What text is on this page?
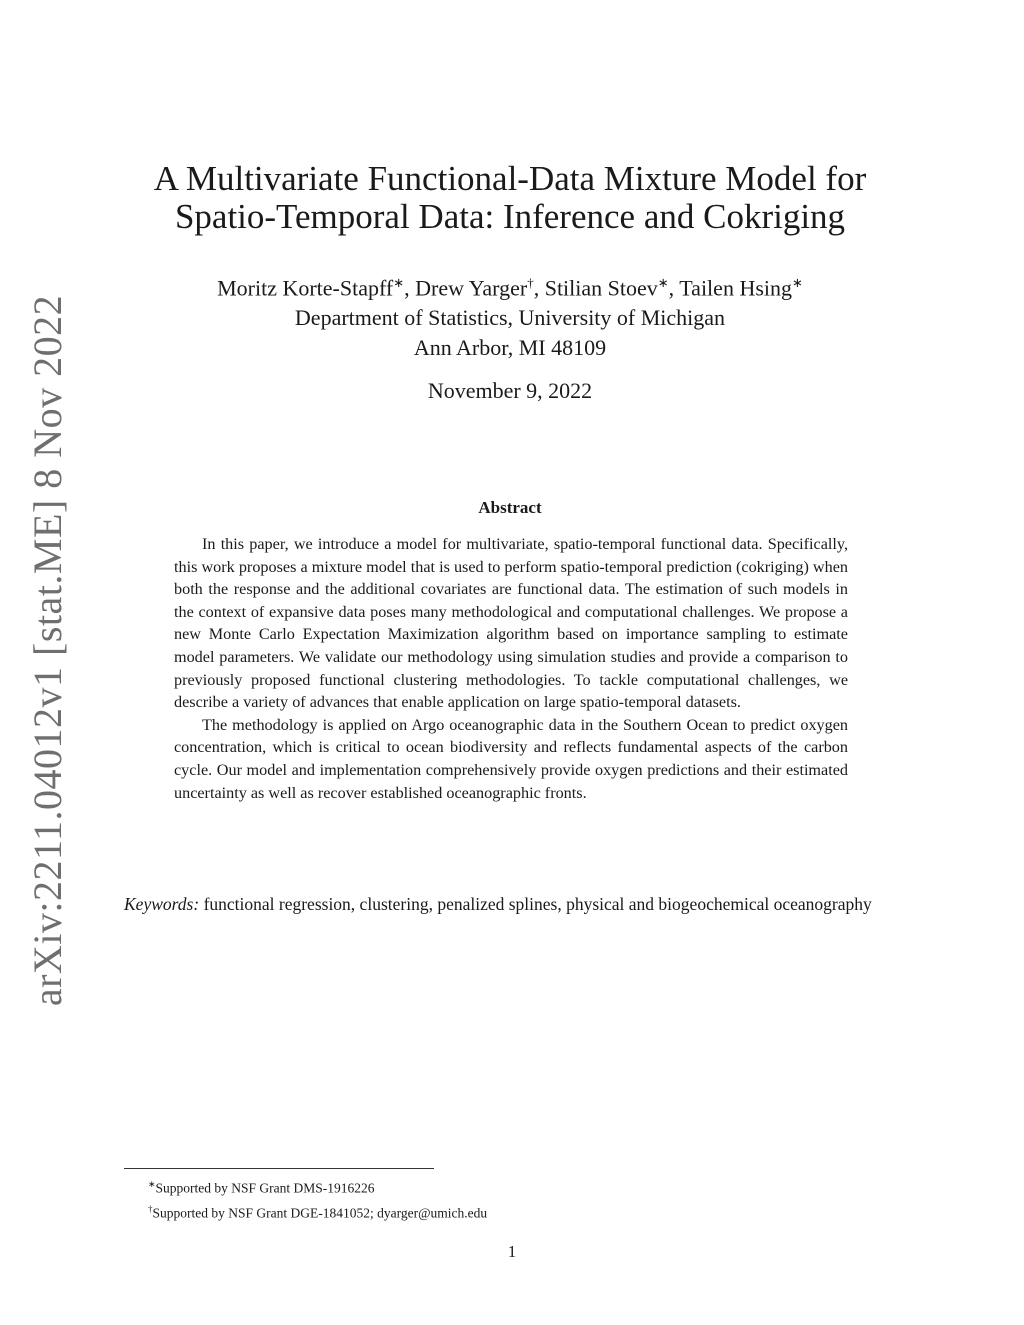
arXiv:2211.04012v1 [stat.ME] 8 Nov 2022
A Multivariate Functional-Data Mixture Model for
Spatio-Temporal Data: Inference and Cokriging
Moritz Korte-Stapff∗, Drew Yarger†, Stilian Stoev∗, Tailen Hsing∗
Department of Statistics, University of Michigan
Ann Arbor, MI 48109
November 9, 2022
Abstract

In this paper, we introduce a model for multivariate, spatio-temporal functional data. Specifically, this work proposes a mixture model that is used to perform spatio-temporal prediction (cokriging) when both the response and the additional covariates are functional data. The estimation of such models in the context of expansive data poses many methodological and computational challenges. We propose a new Monte Carlo Expectation Maximization algorithm based on importance sampling to estimate model parameters. We validate our methodology using simulation studies and provide a comparison to previously proposed functional clustering methodologies. To tackle computational challenges, we describe a variety of advances that enable application on large spatio-temporal datasets.

The methodology is applied on Argo oceanographic data in the Southern Ocean to predict oxygen concentration, which is critical to ocean biodiversity and reflects fundamental aspects of the carbon cycle. Our model and implementation comprehensively provide oxygen predictions and their estimated uncertainty as well as recover established oceanographic fronts.

Keywords: functional regression, clustering, penalized splines, physical and biogeochemical oceanography
∗Supported by NSF Grant DMS-1916226
†Supported by NSF Grant DGE-1841052; dyarger@umich.edu
1
